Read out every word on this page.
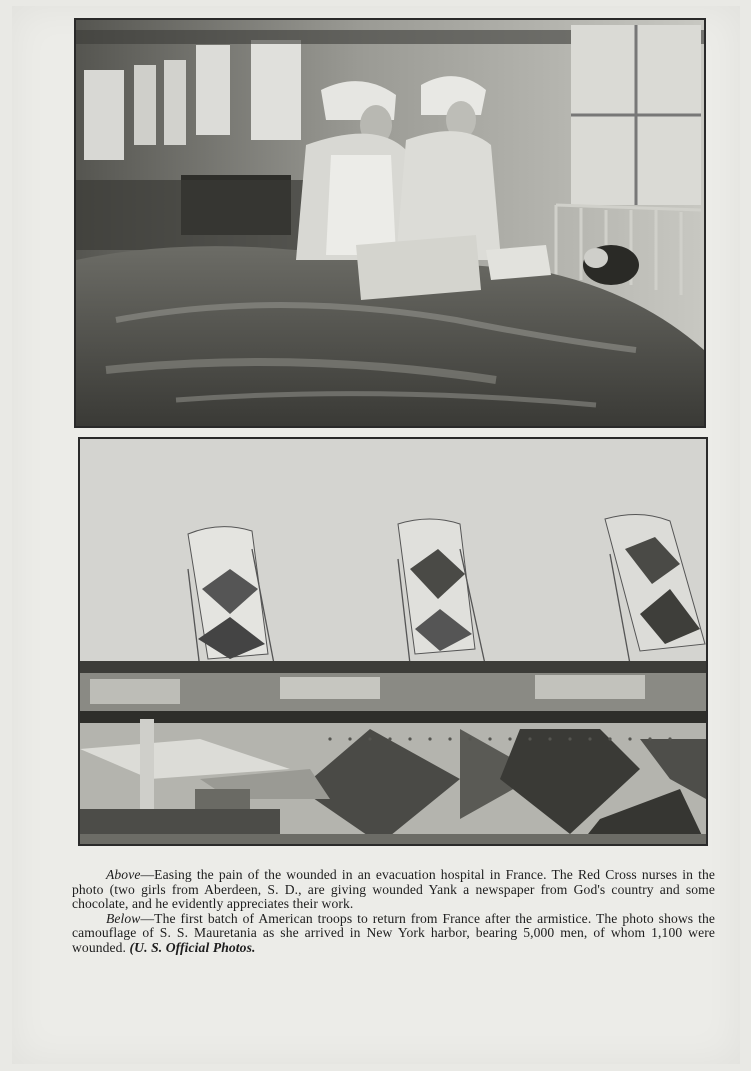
Above—Easing the pain of the wounded in an evacuation hospital in France. The Red Cross nurses in the photo (two girls from Aberdeen, S. D., are giving wounded Yank a newspaper from God's country and some chocolate, and he evidently appreciates their work.

Below—The first batch of American troops to return from France after the armistice. The photo shows the camouflage of S. S. Mauretania as she arrived in New York harbor, bearing 5,000 men, of whom 1,100 were wounded. (U. S. Official Photos.
